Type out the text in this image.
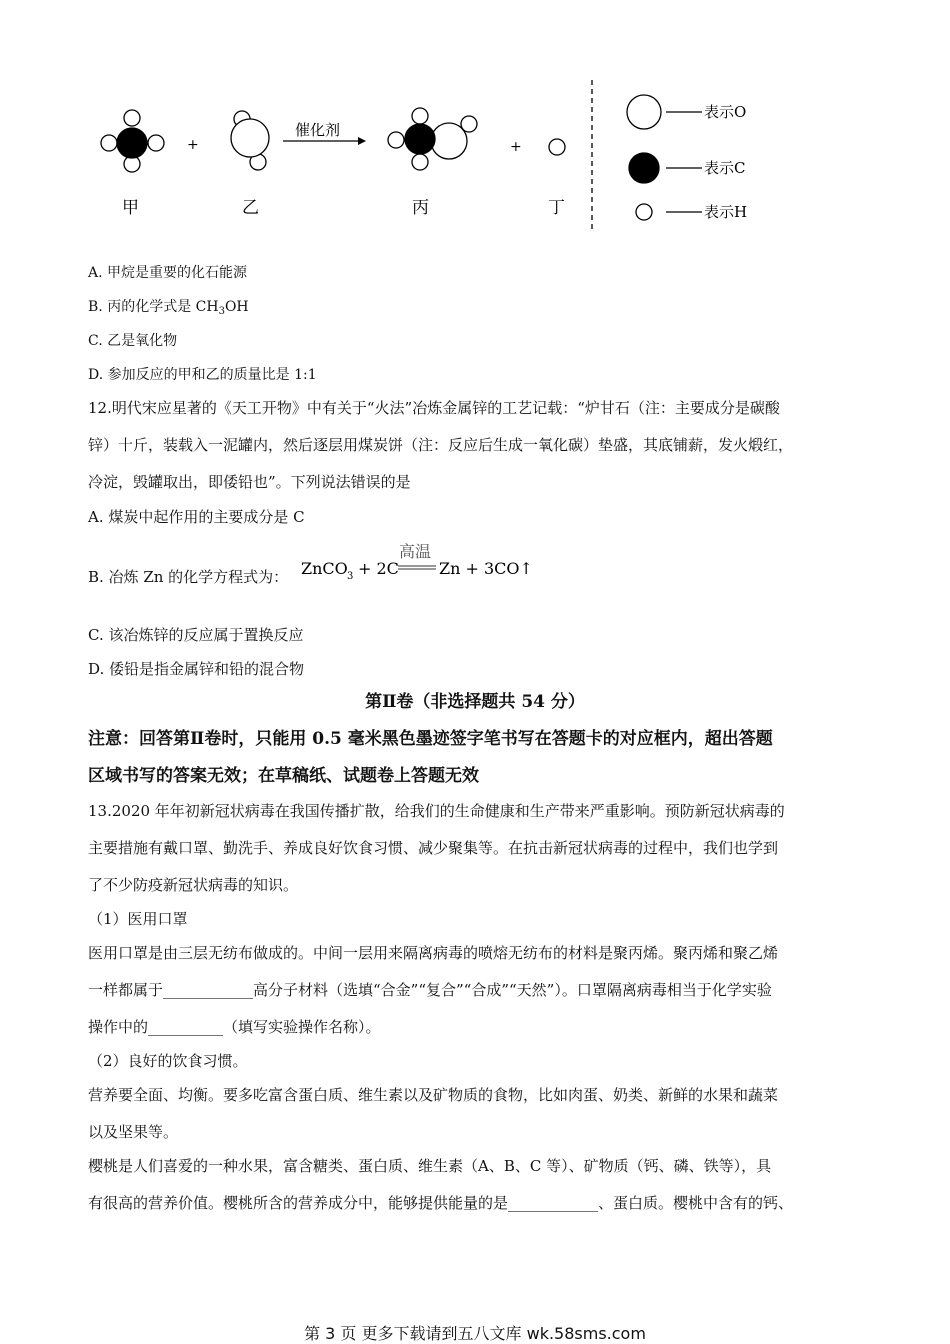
+
催化剂
+
甲	乙	丙	丁
表示O
表示C
表示H
A. 甲烷是重要的化石能源
B. 丙的化学式是 $CH_3OH$
C. 乙是氧化物
D. 参加反应的甲和乙的质量比是 1:1
12.明代宋应星著的《天工开物》中有关于“火法”冶炼金属锌的工艺记载：“炉甘石（注：主要成分是碳酸
锌）十斤，装载入一泥罐内，然后逐层用煤炭饼（注：反应后生成一氧化碳）垫盛，其底铺薪，发火煅红，
冷淀，毁罐取出，即倭铅也”。下列说法错误的是
A. 煤炭中起作用的主要成分是 C
B. 冶炼 Zn 的化学方程式为：
高温
ZnCO 3 + 2C	Zn + 3CO↑
C. 该冶炼锌的反应属于置换反应
D. 倭铅是指金属锌和铅的混合物
第Ⅱ卷（非选择题共 54 分）
注意：回答第Ⅱ卷时，只能用 0.5 毫米黑色墨迹签字笔书写在答题卡的对应框内，超出答题
区域书写的答案无效；在草稿纸、试题卷上答题无效
13.2020 年年初新冠状病毒在我国传播扩散，给我们的生命健康和生产带来严重影响。预防新冠状病毒的
主要措施有戴口罩、勤洗手、养成良好饮食习惯、减少聚集等。在抗击新冠状病毒的过程中，我们也学到
了不少防疫新冠状病毒的知识。
（1）医用口罩
医用口罩是由三层无纺布做成的。中间一层用来隔离病毒的喷熔无纺布的材料是聚丙烯。聚丙烯和聚乙烯
一样都属于____________高分子材料（选填“合金”“复合”“合成”“天然”）。口罩隔离病毒相当于化学实验
操作中的__________（填写实验操作名称）。
（2）良好的饮食习惯。
营养要全面、均衡。要多吃富含蛋白质、维生素以及矿物质的食物，比如肉蛋、奶类、新鲜的水果和蔬菜
以及坚果等。
樱桃是人们喜爱的一种水果，富含糖类、蛋白质、维生素（A、B、C 等）、矿物质（钙、磷、铁等），具
有很高的营养价值。樱桃所含的营养成分中，能够提供能量的是____________、蛋白质。樱桃中含有的钙、
第 3 页 更多下载请到五八文库 wk.58sms.com
